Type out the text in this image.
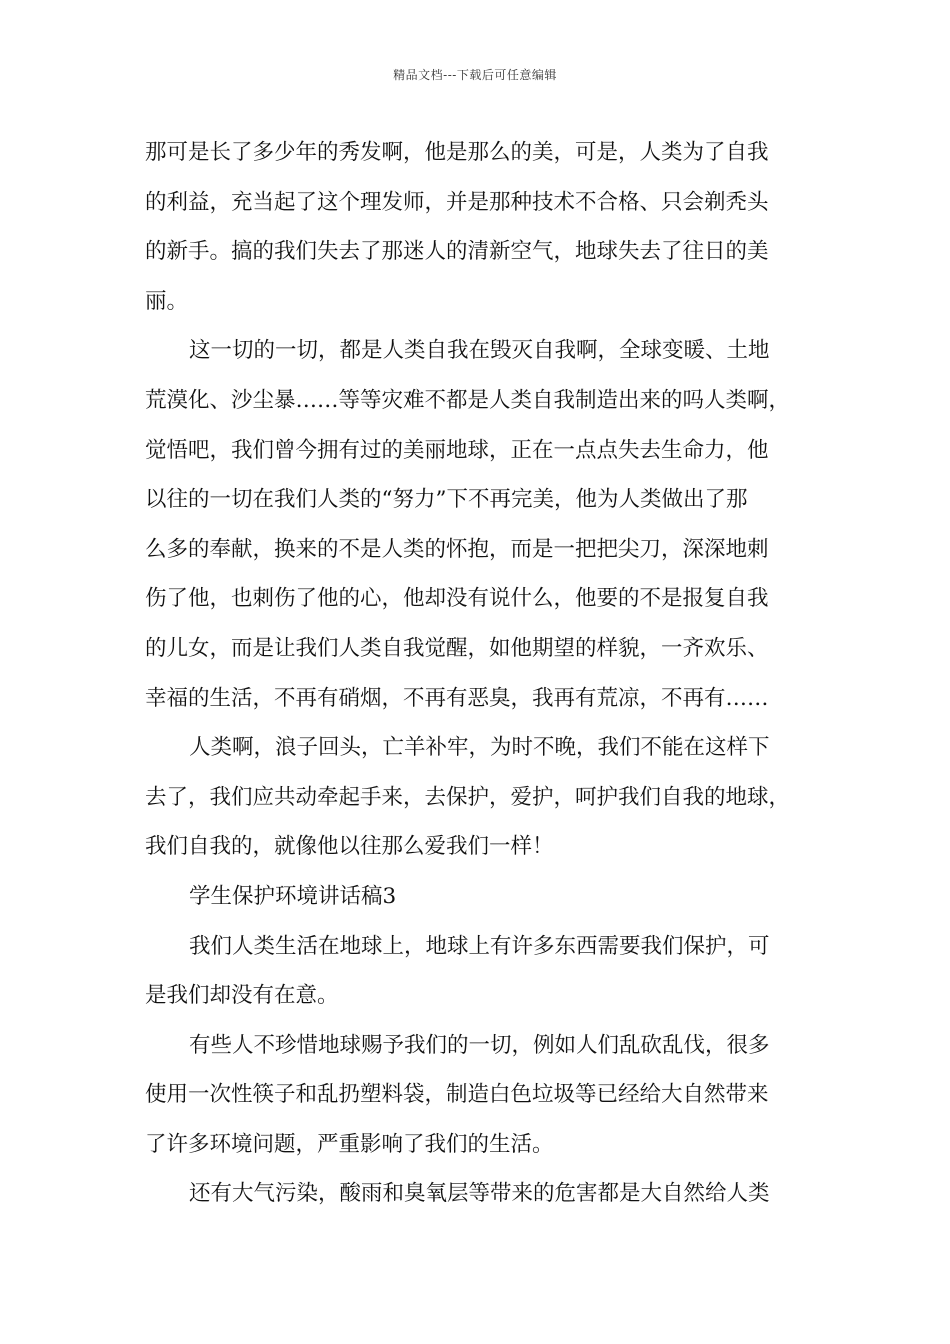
精品文档---下载后可任意编辑
那可是长了多少年的秀发啊，他是那么的美，可是，人类为了自我
的利益，充当起了这个理发师，并是那种技术不合格、只会剃秃头
的新手。搞的我们失去了那迷人的清新空气，地球失去了往日的美
丽。
这一切的一切，都是人类自我在毁灭自我啊，全球变暖、土地
荒漠化、沙尘暴……等等灾难不都是人类自我制造出来的吗人类啊，
觉悟吧，我们曾今拥有过的美丽地球，正在一点点失去生命力，他
以往的一切在我们人类的“努力”下不再完美，他为人类做出了那
么多的奉献，换来的不是人类的怀抱，而是一把把尖刀，深深地刺
伤了他，也刺伤了他的心，他却没有说什么，他要的不是报复自我
的儿女，而是让我们人类自我觉醒，如他期望的样貌，一齐欢乐、
幸福的生活，不再有硝烟，不再有恶臭，我再有荒凉，不再有……
人类啊，浪子回头，亡羊补牢，为时不晚，我们不能在这样下
去了，我们应共动牵起手来，去保护，爱护，呵护我们自我的地球，
我们自我的，就像他以往那么爱我们一样！
学生保护环境讲话稿3
我们人类生活在地球上，地球上有许多东西需要我们保护，可
是我们却没有在意。
有些人不珍惜地球赐予我们的一切，例如人们乱砍乱伐，很多
使用一次性筷子和乱扔塑料袋，制造白色垃圾等已经给大自然带来
了许多环境问题，严重影响了我们的生活。
还有大气污染，酸雨和臭氧层等带来的危害都是大自然给人类
